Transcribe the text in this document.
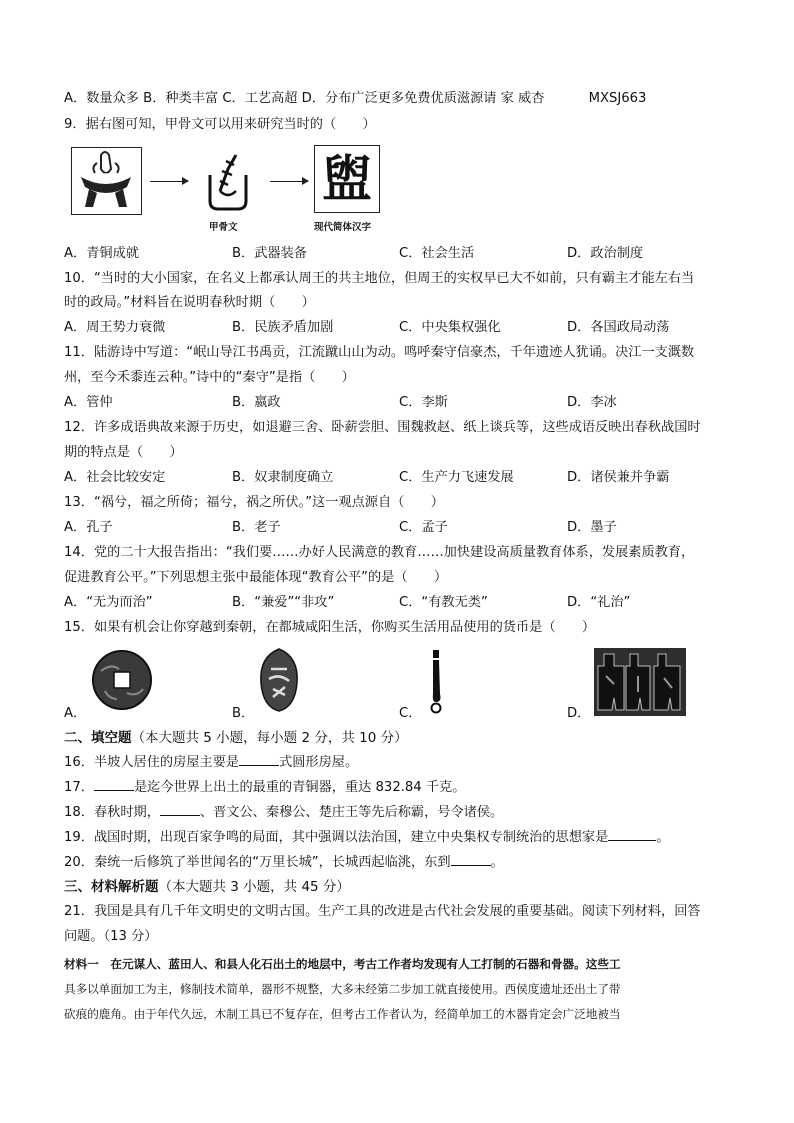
A．数量众多 B．种类丰富 C．工艺高超 D．分布广泛更多免费优质滋源请 家 威杏	MXSJ663
9．据右图可知，甲骨文可以用来研究当时的（　　）
甲骨文
盥
现代简体汉字
A．青铜成就	B．武器装备	C．社会生活	D．政治制度
10．“当时的大小国家，在名义上都承认周王的共主地位，但周王的实权早已大不如前，只有霸主才能左右当
时的政局。”材料旨在说明春秋时期（　　）
A．周王势力衰微	B．民族矛盾加剧	C．中央集权强化	D．各国政局动荡
11．陆游诗中写道：“岷山导江书禹贡，江流蹴山山为动。鸣呼秦守信豪杰，千年遗迹人犹诵。决江一支溉数
州，至今禾黍连云种。”诗中的“秦守”是指（　　）
A．管仲	B．嬴政	C．李斯	D．李冰
12．许多成语典故来源于历史，如退避三舍、卧薪尝胆、围魏救赵、纸上谈兵等，这些成语反映出春秋战国时
期的特点是（　　）
A．社会比较安定	B．奴隶制度确立	C．生产力飞速发展	D．诸侯兼并争霸
13．“祸兮，福之所倚；福兮，祸之所伏。”这一观点源自（　　）
A．孔子	B．老子	C．孟子	D．墨子
14．党的二十大报告指出：“我们要……办好人民满意的教育……加快建设高质量教育体系，发展素质教育，
促进教育公平。”下列思想主张中最能体现“教育公平”的是（　　）
A．“无为而治”	B．“兼爱”“非攻”	C．“有教无类”	D．“礼治”
15．如果有机会让你穿越到秦朝，在都城咸阳生活，你购买生活用品使用的货币是（　　）
A．	B．	C．	D．
二、填空题（本大题共 5 小题，每小题 2 分，共 10 分）
16．半坡人居住的房屋主要是	式圆形房屋。
17．	是迄今世界上出土的最重的青铜器，重达 832.84 千克。
18．春秋时期，	、晋文公、秦穆公、楚庄王等先后称霸，号令诸侯。
19．战国时期，出现百家争鸣的局面，其中强调以法治国，建立中央集权专制统治的思想家是	。
20．秦统一后修筑了举世闻名的“万里长城”，长城西起临洮，东到	。
三、材料解析题（本大题共 3 小题，共 45 分）
21．我国是具有几千年文明史的文明古国。生产工具的改进是古代社会发展的重要基础。阅读下列材料，回答
问题。（13 分）
材料一　在元谋人、蓝田人、和县人化石出土的地层中，考古工作者均发现有人工打制的石器和骨器。这些工
具多以单面加工为主，修制技术简单，器形不规整，大多未经第二步加工就直接使用。西侯度遗址还出土了带
砍痕的鹿角。由于年代久远，木制工具已不复存在，但考古工作者认为，经简单加工的木器肯定会广泛地被当
